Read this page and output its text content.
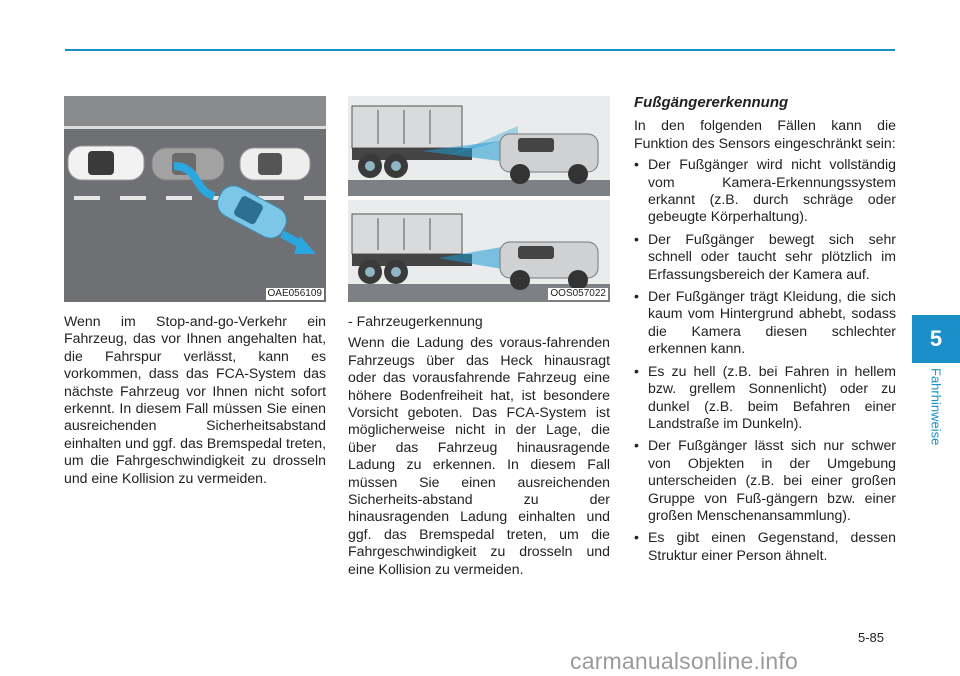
OAE056109	OOS057022

Wenn im Stop-and-go-Verkehr ein Fahrzeug, das vor Ihnen angehalten hat, die Fahrspur verlässt, kann es vorkommen, dass das FCA-System das nächste Fahrzeug vor Ihnen nicht sofort erkennt. In diesem Fall müssen Sie einen ausreichenden Sicherheitsabstand einhalten und ggf. das Bremspedal treten, um die Fahrgeschwindigkeit zu drosseln und eine Kollision zu vermeiden.

- Fahrzeugerkennung

Wenn die Ladung des voraus-fahrenden Fahrzeugs über das Heck hinausragt oder das vorausfahrende Fahrzeug eine höhere Bodenfreiheit hat, ist besondere Vorsicht geboten. Das FCA-System ist möglicherweise nicht in der Lage, die über das Fahrzeug hinausragende Ladung zu erkennen. In diesem Fall müssen Sie einen ausreichenden Sicherheits-abstand zu der hinausragenden Ladung einhalten und ggf. das Bremspedal treten, um die Fahrgeschwindigkeit zu drosseln und eine Kollision zu vermeiden.

Fußgängererkennung

In den folgenden Fällen kann die Funktion des Sensors eingeschränkt sein:

• Der Fußgänger wird nicht vollständig vom Kamera-Erkennungssystem erkannt (z.B. durch schräge oder gebeugte Körperhaltung).
• Der Fußgänger bewegt sich sehr schnell oder taucht sehr plötzlich im Erfassungsbereich der Kamera auf.
• Der Fußgänger trägt Kleidung, die sich kaum vom Hintergrund abhebt, sodass die Kamera diesen schlechter erkennen kann.
• Es zu hell (z.B. bei Fahren in hellem bzw. grellem Sonnenlicht) oder zu dunkel (z.B. beim Befahren einer Landstraße im Dunkeln).
• Der Fußgänger lässt sich nur schwer von Objekten in der Umgebung unterscheiden (z.B. bei einer großen Gruppe von Fuß-gängern bzw. einer großen Menschenansammlung).
• Es gibt einen Gegenstand, dessen Struktur einer Person ähnelt.
5
Fahrhinweise
5-85
carmanualsonline.info
